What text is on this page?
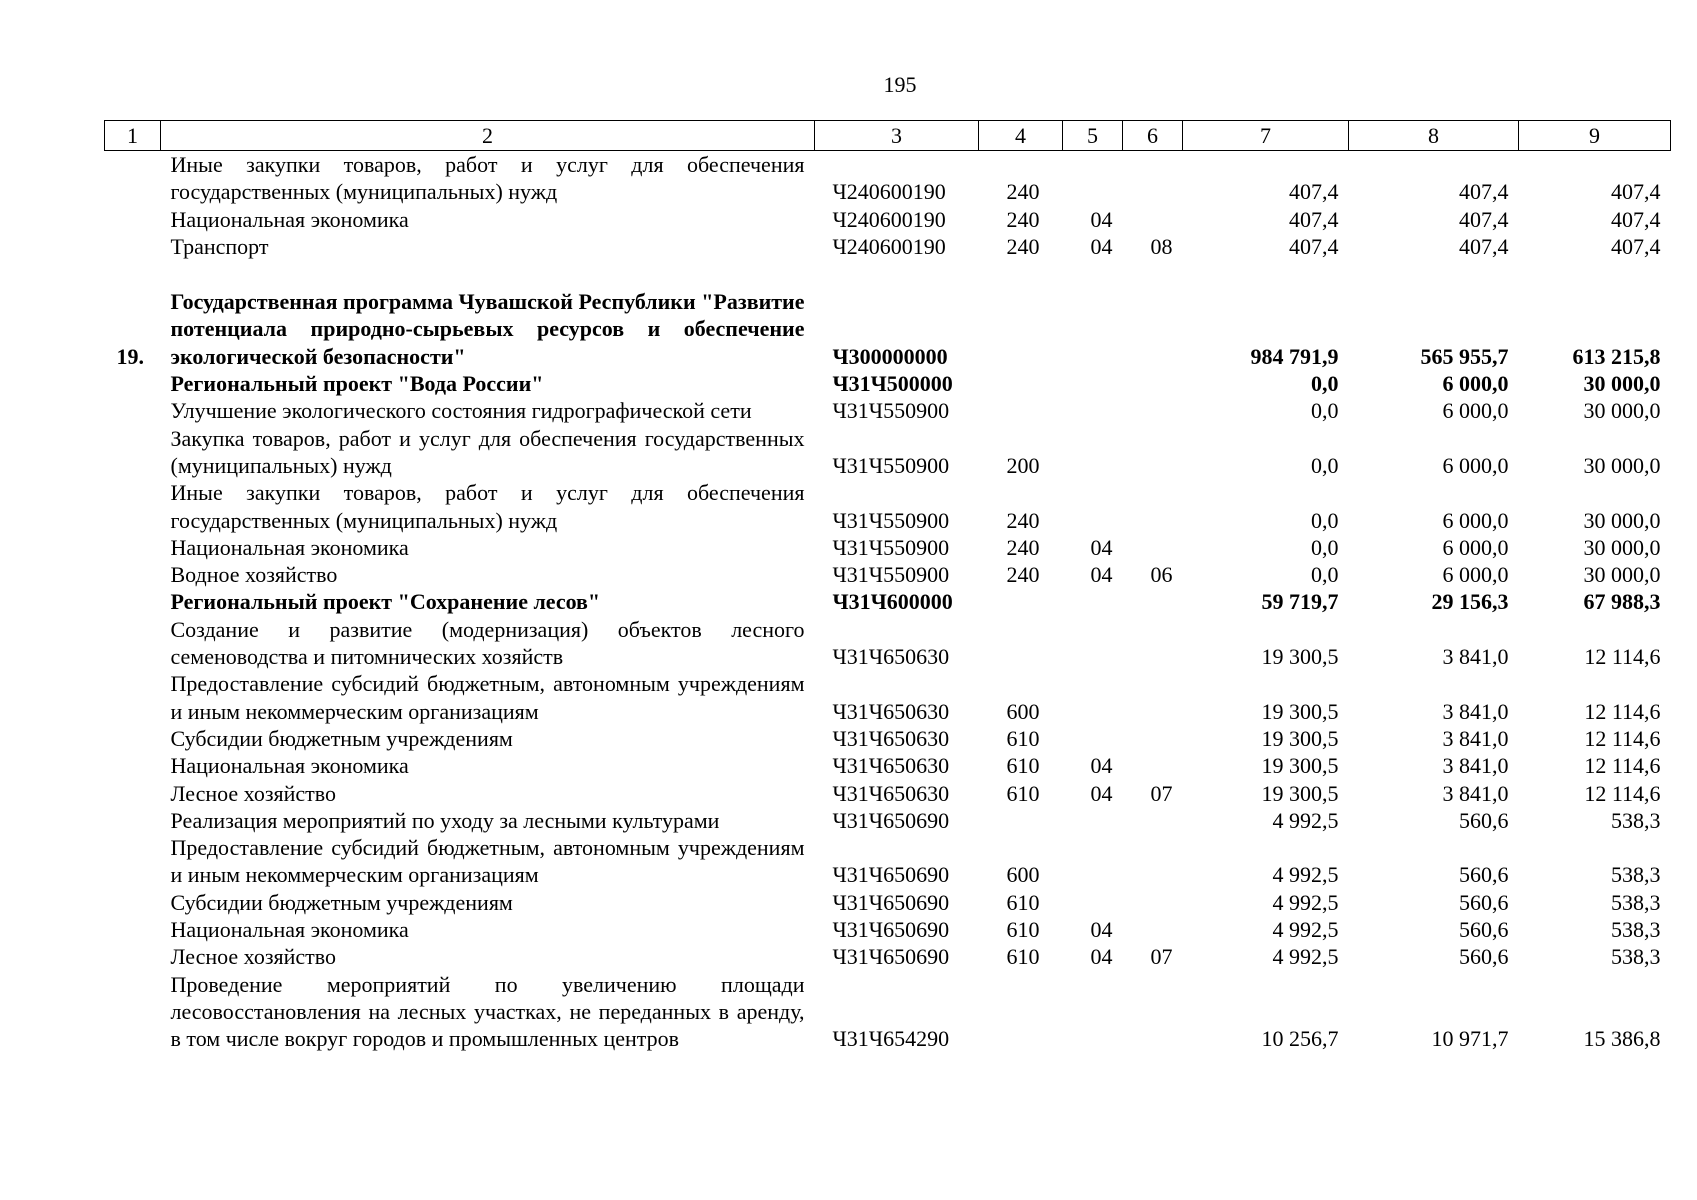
195
1	2	3	4	5	6	7	8	9
	Иные закупки товаров, работ и услуг для обеспечения государственных (муниципальных) нужд	Ч240600190	240			407,4	407,4	407,4
	Национальная экономика	Ч240600190	240	04		407,4	407,4	407,4
	Транспорт	Ч240600190	240	04	08	407,4	407,4	407,4

19.	Государственная программа Чувашской Республики "Развитие потенциала природно-сырьевых ресурсов и обеспечение экологической безопасности"	Ч300000000				984 791,9	565 955,7	613 215,8
	Региональный проект "Вода России"	Ч31Ч500000				0,0	6 000,0	30 000,0
	Улучшение экологического состояния гидрографической сети	Ч31Ч550900				0,0	6 000,0	30 000,0
	Закупка товаров, работ и услуг для обеспечения государственных (муниципальных) нужд	Ч31Ч550900	200			0,0	6 000,0	30 000,0
	Иные закупки товаров, работ и услуг для обеспечения государственных (муниципальных) нужд	Ч31Ч550900	240			0,0	6 000,0	30 000,0
	Национальная экономика	Ч31Ч550900	240	04		0,0	6 000,0	30 000,0
	Водное хозяйство	Ч31Ч550900	240	04	06	0,0	6 000,0	30 000,0
	Региональный проект "Сохранение лесов"	Ч31Ч600000				59 719,7	29 156,3	67 988,3
	Создание и развитие (модернизация) объектов лесного семеноводства и питомнических хозяйств	Ч31Ч650630				19 300,5	3 841,0	12 114,6
	Предоставление субсидий бюджетным, автономным учреждениям и иным некоммерческим организациям	Ч31Ч650630	600			19 300,5	3 841,0	12 114,6
	Субсидии бюджетным учреждениям	Ч31Ч650630	610			19 300,5	3 841,0	12 114,6
	Национальная экономика	Ч31Ч650630	610	04		19 300,5	3 841,0	12 114,6
	Лесное хозяйство	Ч31Ч650630	610	04	07	19 300,5	3 841,0	12 114,6
	Реализация мероприятий по уходу за лесными культурами	Ч31Ч650690				4 992,5	560,6	538,3
	Предоставление субсидий бюджетным, автономным учреждениям и иным некоммерческим организациям	Ч31Ч650690	600			4 992,5	560,6	538,3
	Субсидии бюджетным учреждениям	Ч31Ч650690	610			4 992,5	560,6	538,3
	Национальная экономика	Ч31Ч650690	610	04		4 992,5	560,6	538,3
	Лесное хозяйство	Ч31Ч650690	610	04	07	4 992,5	560,6	538,3
	Проведение мероприятий по увеличению площади лесовосстановления на лесных участках, не переданных в аренду, в том числе вокруг городов и промышленных центров	Ч31Ч654290				10 256,7	10 971,7	15 386,8
